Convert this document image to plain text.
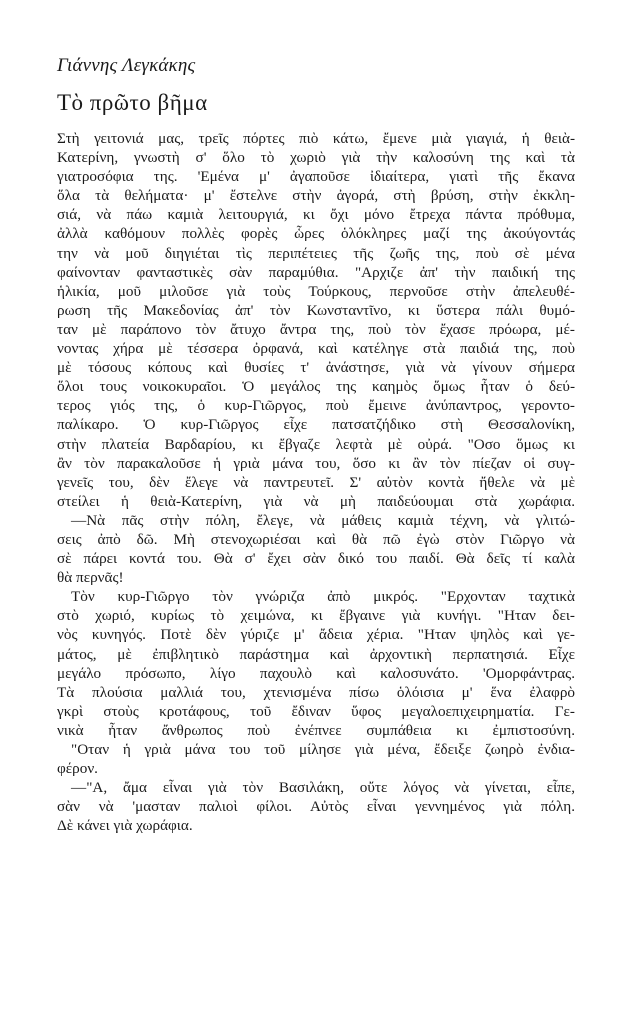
Γιάννης Λεγκάκης
Τὸ πρῶτο βῆμα
Στὴ γειτονιά μας, τρεῖς πόρτες πιὸ κάτω, ἔμενε μιὰ γιαγιά, ἡ θειὰ-
Κατερίνη, γνωστὴ σ' ὅλο τὸ χωριὸ γιὰ τὴν καλοσύνη της καὶ τὰ
γιατροσόφια της. 'Εμένα μ' ἀγαποῦσε ἰδιαίτερα, γιατὶ τῆς ἔκανα
ὅλα τὰ θελήματα· μ' ἔστελνε στὴν ἀγορά, στὴ βρύση, στὴν ἐκκλη-
σιά, νὰ πάω καμιὰ λειτουργιά, κι ὄχι μόνο ἔτρεχα πάντα πρόθυμα,
ἀλλὰ καθόμουν πολλὲς φορὲς ὧρες ὁλόκληρες μαζί της ἀκούγοντάς
την νὰ μοῦ διηγιέται τὶς περιπέτειες τῆς ζωῆς της, ποὺ σὲ μένα
φαίνονταν φανταστικὲς σὰν παραμύθια. "Αρχιζε ἀπ' τὴν παιδική της
ἡλικία, μοῦ μιλοῦσε γιὰ τοὺς Τούρκους, περνοῦσε στὴν ἀπελευθέ-
ρωση τῆς Μακεδονίας ἀπ' τὸν Κωνσταντῖνο, κι ὕστερα πάλι θυμό-
ταν μὲ παράπονο τὸν ἄτυχο ἄντρα της, ποὺ τὸν ἔχασε πρόωρα, μέ-
νοντας χήρα μὲ τέσσερα ὀρφανά, καὶ κατέληγε στὰ παιδιά της, ποὺ
μὲ τόσους κόπους καὶ θυσίες τ' ἀνάστησε, γιὰ νὰ γίνουν σήμερα
ὅλοι τους νοικοκυραῖοι. Ὁ μεγάλος της καημὸς ὅμως ἦταν ὁ δεύ-
τερος γιός της, ὁ κυρ-Γιῶργος, ποὺ ἔμεινε ἀνύπαντρος, γεροντο-
παλίκαρο. Ὁ κυρ-Γιῶργος εἶχε πατσατζήδικο στὴ Θεσσαλονίκη,
στὴν πλατεία Βαρδαρίου, κι ἔβγαζε λεφτὰ μὲ οὐρά. "Οσο ὅμως κι
ἂν τὸν παρακαλοῦσε ἡ γριὰ μάνα του, ὅσο κι ἂν τὸν πίεζαν οἱ συγ-
γενεῖς του, δὲν ἔλεγε νὰ παντρευτεῖ. Σ' αὐτὸν κοντὰ ἤθελε νὰ μὲ
στείλει ἡ θειὰ-Κατερίνη, γιὰ νὰ μὴ παιδεύουμαι στὰ χωράφια.
—Νὰ πᾶς στὴν πόλη, ἔλεγε, νὰ μάθεις καμιὰ τέχνη, νὰ γλιτώ-
σεις ἀπὸ δῶ. Μὴ στενοχωριέσαι καὶ θὰ πῶ ἐγὼ στὸν Γιῶργο νὰ
σὲ πάρει κοντά του. Θὰ σ' ἔχει σὰν δικό του παιδί. Θὰ δεῖς τί καλὰ
θὰ περνᾶς!
Τὸν κυρ-Γιῶργο τὸν γνώριζα ἀπὸ μικρός. "Ερχονταν ταχτικὰ
στὸ χωριό, κυρίως τὸ χειμώνα, κι ἔβγαινε γιὰ κυνήγι. "Ηταν δει-
νὸς κυνηγός. Ποτὲ δὲν γύριζε μ' ἄδεια χέρια. "Ηταν ψηλὸς καὶ γε-
μάτος, μὲ ἐπιβλητικὸ παράστημα καὶ ἀρχοντικὴ περπατησιά. Εἶχε
μεγάλο πρόσωπο, λίγο παχουλὸ καὶ καλοσυνάτο. 'Ομορφάντρας.
Τὰ πλούσια μαλλιά του, χτενισμένα πίσω ὁλόισια μ' ἕνα ἐλαφρὸ
γκρὶ στοὺς κροτάφους, τοῦ ἔδιναν ὕφος μεγαλοεπιχειρηματία. Γε-
νικὰ ἦταν ἄνθρωπος ποὺ ἐνέπνεε συμπάθεια κι ἐμπιστοσύνη.
"Οταν ἡ γριὰ μάνα του τοῦ μίλησε γιὰ μένα, ἔδειξε ζωηρὸ ἐνδια-
φέρον.
—"Α, ἄμα εἶναι γιὰ τὸν Βασιλάκη, οὔτε λόγος νὰ γίνεται, εἶπε,
σὰν νὰ 'μασταν παλιοὶ φίλοι. Αὐτὸς εἶναι γεννημένος γιὰ πόλη.
Δὲ κάνει γιὰ χωράφια.
